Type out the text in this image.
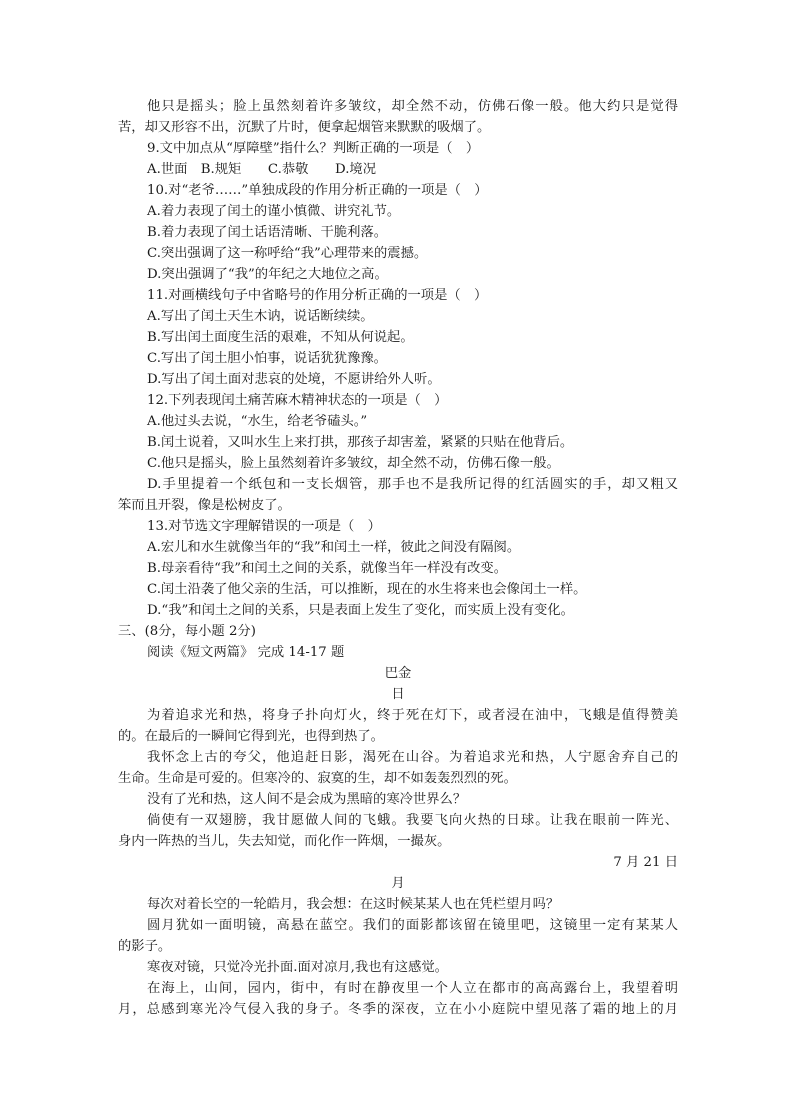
他只是摇头；脸上虽然刻着许多皱纹，却全然不动，仿佛石像一般。他大约只是觉得
苦，却又形容不出，沉默了片时，便拿起烟管来默默的吸烟了。
9.文中加点从“厚障壁”指什么？判断正确的一项是（　）
A.世面　B.规矩　　C.恭敬　　D.境况
10.对“老爷……”单独成段的作用分析正确的一项是（　）
A.着力表现了闰土的谨小慎微、讲究礼节。
B.着力表现了闰土话语清晰、干脆利落。
C.突出强调了这一称呼给“我”心理带来的震撼。
D.突出强调了“我”的年纪之大地位之高。
11.对画横线句子中省略号的作用分析正确的一项是（　）
A.写出了闰土天生木讷，说话断续续。
B.写出闰土面度生活的艰难，不知从何说起。
C.写出了闰土胆小怕事，说话犹犹豫豫。
D.写出了闰土面对悲哀的处境，不愿讲给外人听。
12.下列表现闰土痛苦麻木精神状态的一项是（　）
A.他过头去说，“水生，给老爷磕头。”
B.闰土说着，又叫水生上来打拱，那孩子却害羞，紧紧的只贴在他背后。
C.他只是摇头，脸上虽然刻着许多皱纹，却全然不动，仿佛石像一般。
D.手里提着一个纸包和一支长烟管，那手也不是我所记得的红活圆实的手，却又粗又
笨而且开裂，像是松树皮了。
13.对节选文字理解错误的一项是（　）
A.宏儿和水生就像当年的“我”和闰土一样，彼此之间没有隔阂。
B.母亲看待“我”和闰土之间的关系，就像当年一样没有改变。
C.闰土沿袭了他父亲的生活，可以推断，现在的水生将来也会像闰土一样。
D.“我”和闰土之间的关系，只是表面上发生了变化，而实质上没有变化。
三、(8分，每小题 2分)
阅读《短文两篇》 完成 14-17 题
巴金
日
为着追求光和热，将身子扑向灯火，终于死在灯下，或者浸在油中，飞蛾是值得赞美
的。在最后的一瞬间它得到光，也得到热了。
我怀念上古的夸父，他追赶日影，渴死在山谷。为着追求光和热，人宁愿舍弃自己的
生命。生命是可爱的。但寒冷的、寂寞的生，却不如轰轰烈烈的死。
没有了光和热，这人间不是会成为黑暗的寒冷世界么？
倘使有一双翅膀，我甘愿做人间的飞蛾。我要飞向火热的日球。让我在眼前一阵光、
身内一阵热的当儿，失去知觉，而化作一阵烟，一撮灰。
7 月 21 日
月
每次对着长空的一轮皓月，我会想：在这时候某某人也在凭栏望月吗？
圆月犹如一面明镜，高悬在蓝空。我们的面影都该留在镜里吧，这镜里一定有某某人
的影子。
寒夜对镜，只觉冷光扑面.面对凉月,我也有这感觉。
在海上，山间，园内，街中，有时在静夜里一个人立在都市的高高露台上，我望着明
月，总感到寒光冷气侵入我的身子。冬季的深夜，立在小小庭院中望见落了霜的地上的月
